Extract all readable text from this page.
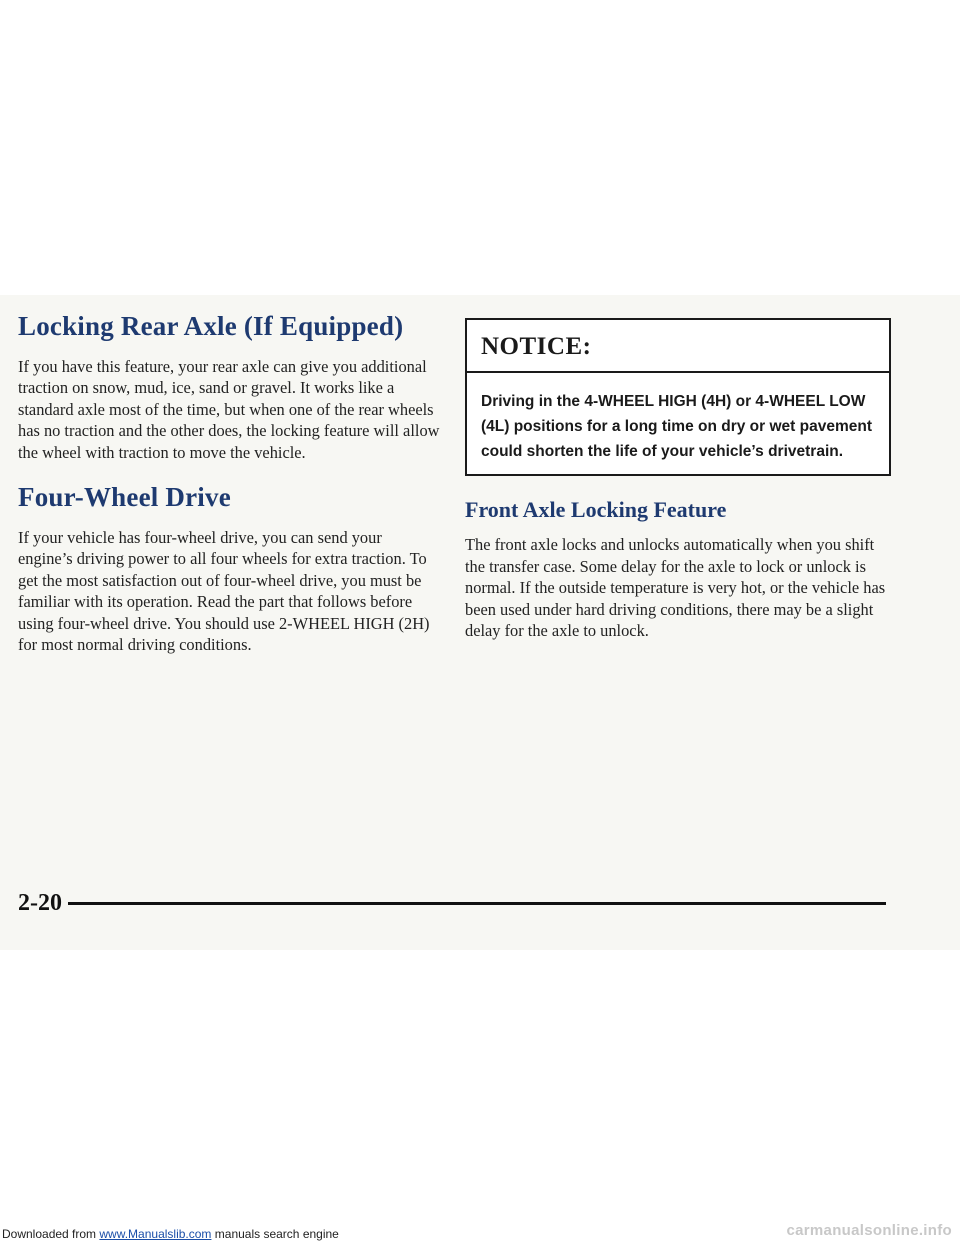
Locking Rear Axle (If Equipped)

If you have this feature, your rear axle can give you additional traction on snow, mud, ice, sand or gravel. It works like a standard axle most of the time, but when one of the rear wheels has no traction and the other does, the locking feature will allow the wheel with traction to move the vehicle.

Four-Wheel Drive

If your vehicle has four-wheel drive, you can send your engine’s driving power to all four wheels for extra traction. To get the most satisfaction out of four-wheel drive, you must be familiar with its operation. Read the part that follows before using four-wheel drive. You should use 2-WHEEL HIGH (2H) for most normal driving conditions.

NOTICE:
Driving in the 4-WHEEL HIGH (4H) or 4-WHEEL LOW (4L) positions for a long time on dry or wet pavement could shorten the life of your vehicle’s drivetrain.
Front Axle Locking Feature

The front axle locks and unlocks automatically when you shift the transfer case. Some delay for the axle to lock or unlock is normal. If the outside temperature is very hot, or the vehicle has been used under hard driving conditions, there may be a slight delay for the axle to unlock.

2-20
Downloaded from www.Manualslib.com manuals search engine	carmanualsonline.info
